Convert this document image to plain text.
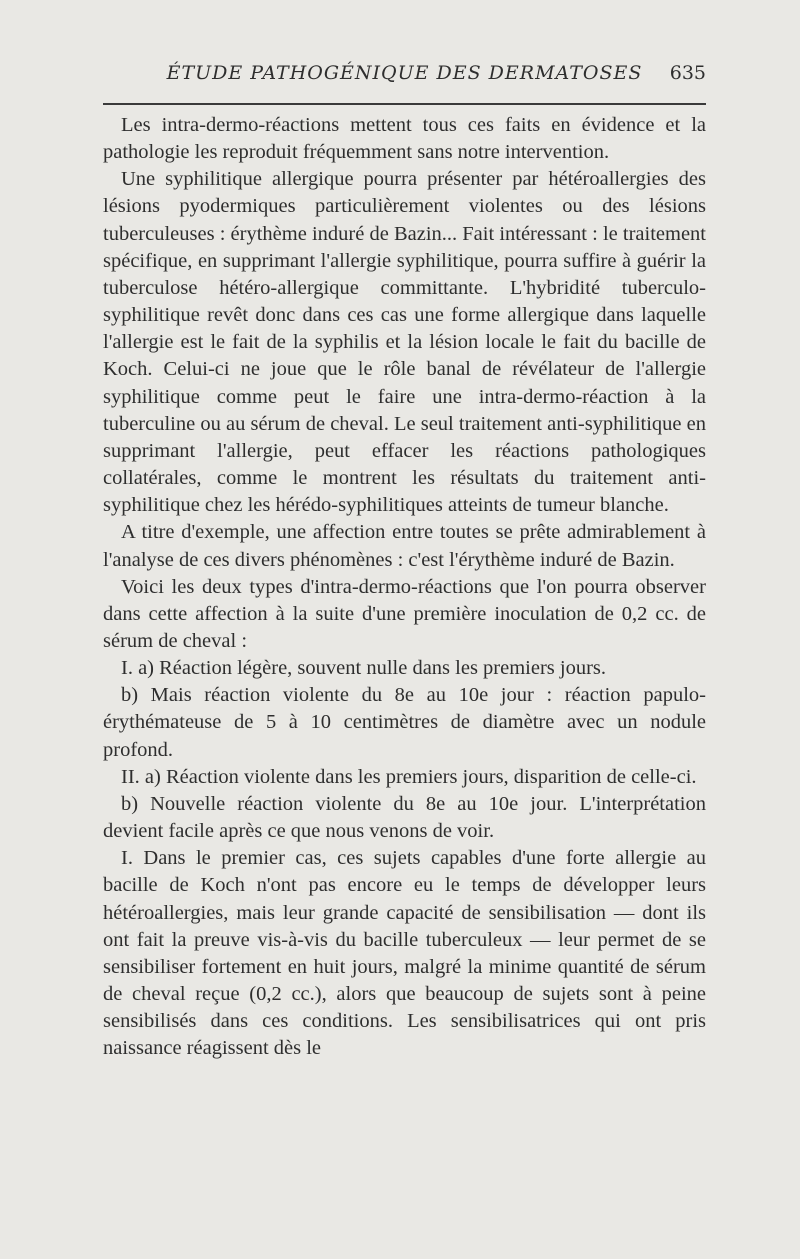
ÉTUDE PATHOGÉNIQUE DES DERMATOSES	635

Les intra-dermo-réactions mettent tous ces faits en évidence et la pathologie les reproduit fréquemment sans notre intervention.

Une syphilitique allergique pourra présenter par hétéroallergies des lésions pyodermiques particulièrement violentes ou des lésions tuberculeuses : érythème induré de Bazin... Fait intéressant : le traitement spécifique, en supprimant l'allergie syphilitique, pourra suffire à guérir la tuberculose hétéro-allergique committante. L'hybridité tuberculo-syphilitique revêt donc dans ces cas une forme allergique dans laquelle l'allergie est le fait de la syphilis et la lésion locale le fait du bacille de Koch. Celui-ci ne joue que le rôle banal de révélateur de l'allergie syphilitique comme peut le faire une intra-dermo-réaction à la tuberculine ou au sérum de cheval. Le seul traitement anti-syphilitique en supprimant l'allergie, peut effacer les réactions pathologiques collatérales, comme le montrent les résultats du traitement anti-syphilitique chez les hérédo-syphilitiques atteints de tumeur blanche.

A titre d'exemple, une affection entre toutes se prête admirablement à l'analyse de ces divers phénomènes : c'est l'érythème induré de Bazin.

Voici les deux types d'intra-dermo-réactions que l'on pourra observer dans cette affection à la suite d'une première inoculation de 0,2 cc. de sérum de cheval :

I. a) Réaction légère, souvent nulle dans les premiers jours.

b) Mais réaction violente du 8e au 10e jour : réaction papulo-érythémateuse de 5 à 10 centimètres de diamètre avec un nodule profond.

II. a) Réaction violente dans les premiers jours, disparition de celle-ci.

b) Nouvelle réaction violente du 8e au 10e jour. L'interprétation devient facile après ce que nous venons de voir.

I. Dans le premier cas, ces sujets capables d'une forte allergie au bacille de Koch n'ont pas encore eu le temps de développer leurs hétéroallergies, mais leur grande capacité de sensibilisation — dont ils ont fait la preuve vis-à-vis du bacille tuberculeux — leur permet de se sensibiliser fortement en huit jours, malgré la minime quantité de sérum de cheval reçue (0,2 cc.), alors que beaucoup de sujets sont à peine sensibilisés dans ces conditions. Les sensibilisatrices qui ont pris naissance réagissent dès le
